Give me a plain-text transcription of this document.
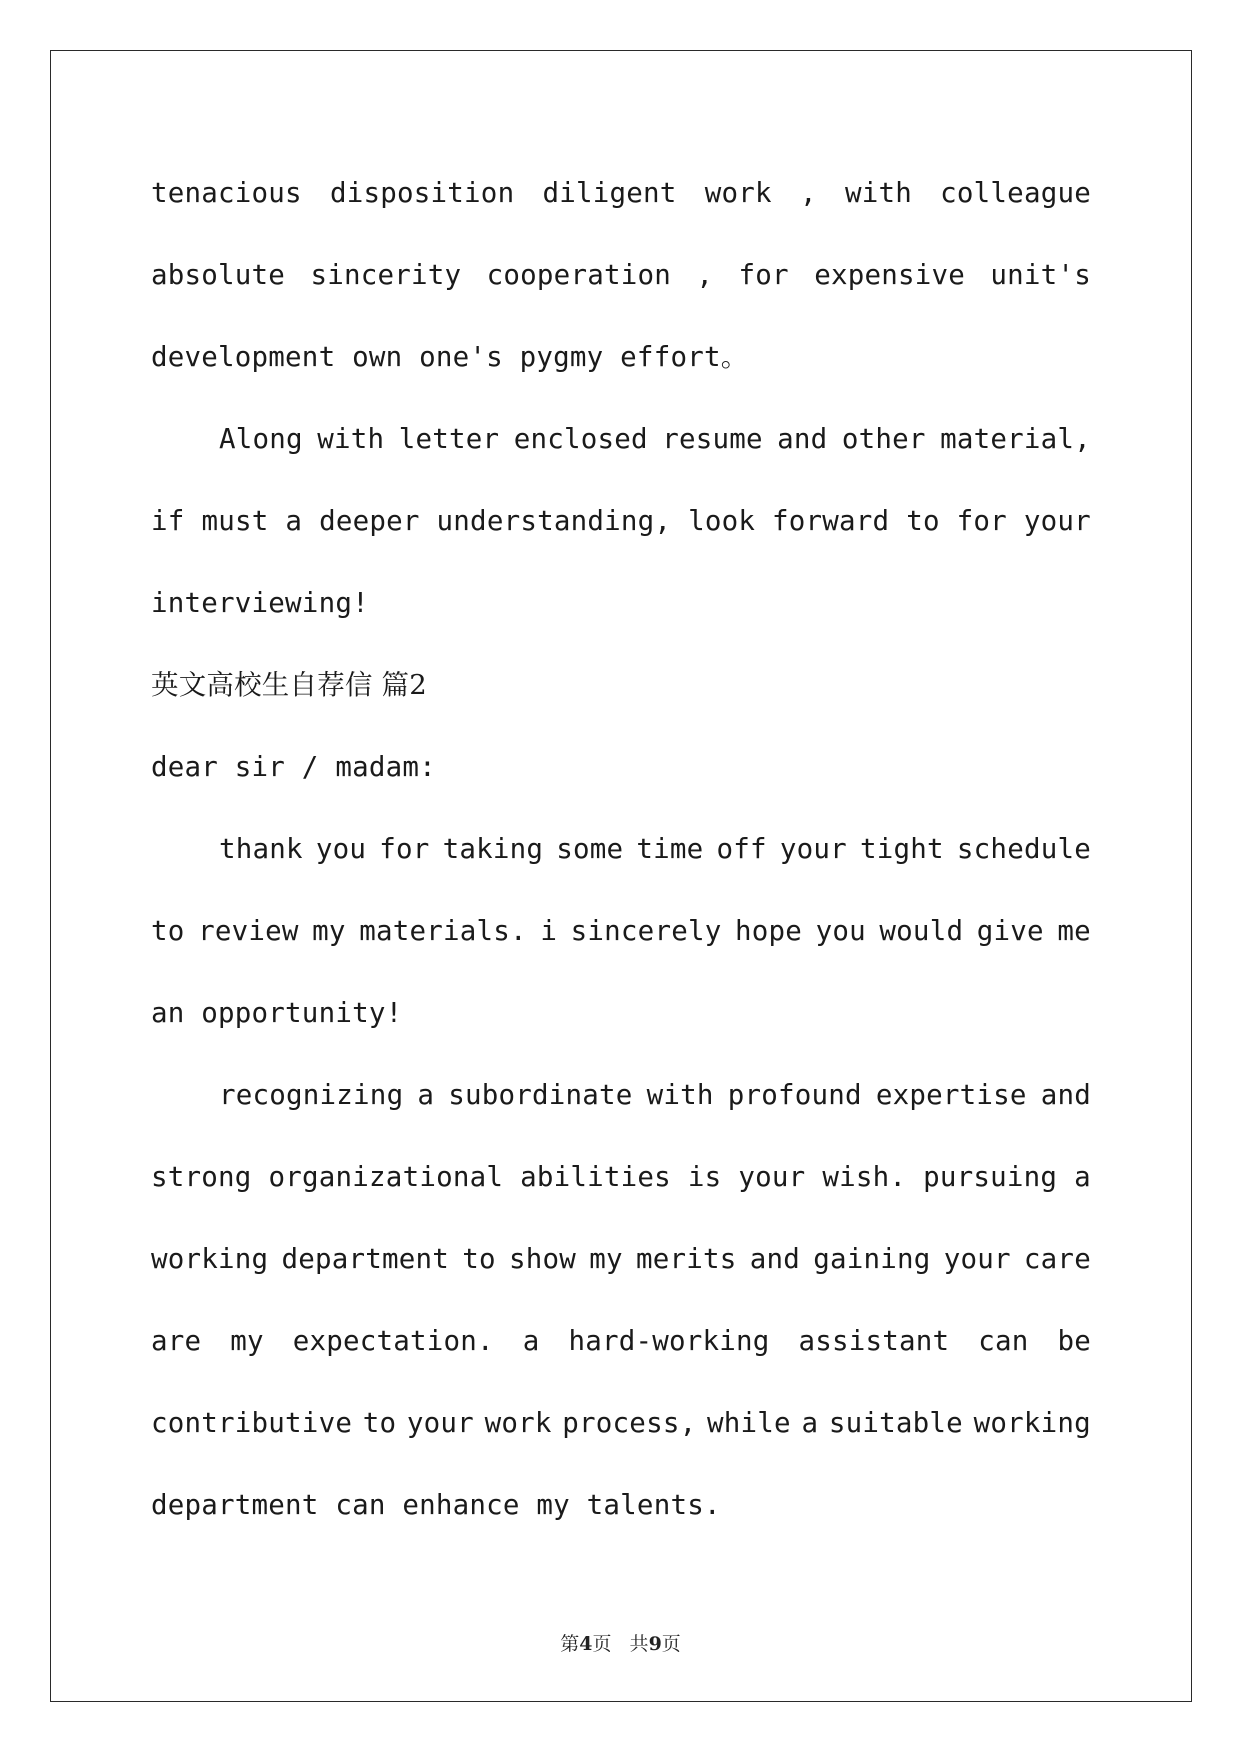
tenacious disposition diligent work , with colleague
absolute sincerity cooperation , for expensive unit's
development own one's pygmy effort。
Along with letter enclosed resume and other material,
if must a deeper understanding, look forward to for your
interviewing!
英文高校生自荐信 篇2
dear sir / madam:
thank you for taking some time off your tight schedule
to review my materials. i sincerely hope you would give me
an opportunity!
recognizing a subordinate with profound expertise and
strong organizational abilities is your wish. pursuing a
working department to show my merits and gaining your care
are my expectation. a hard-working assistant can be
contributive to your work process, while a suitable working
department can enhance my talents.
第4页   共9页
